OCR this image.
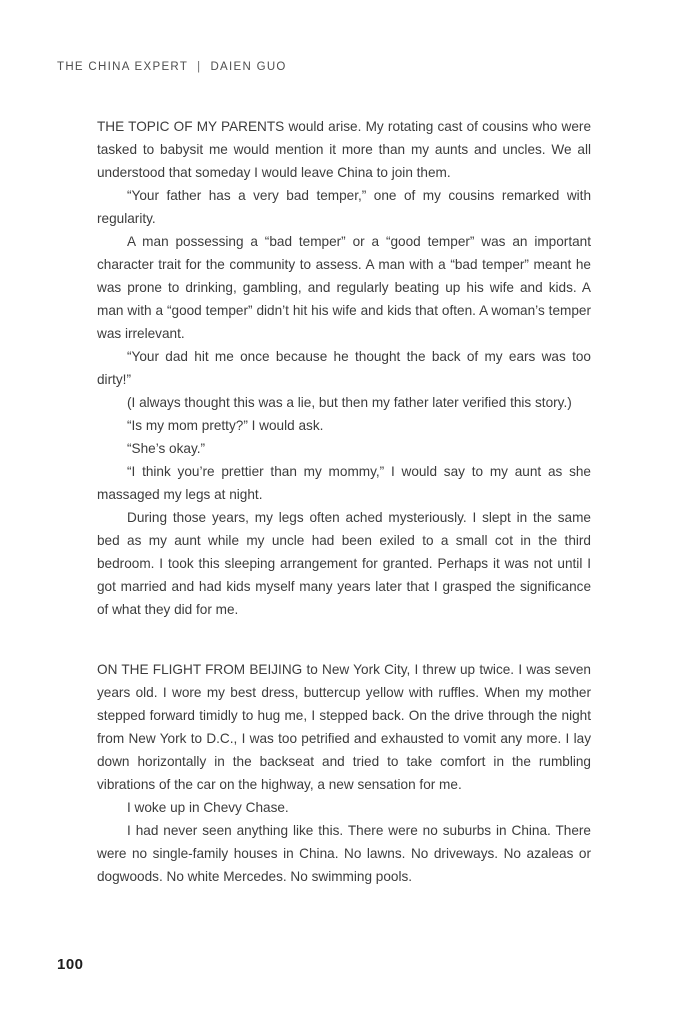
THE CHINA EXPERT | DAIEN GUO

THE TOPIC OF MY PARENTS would arise. My rotating cast of cousins who were tasked to babysit me would mention it more than my aunts and uncles. We all understood that someday I would leave China to join them.

“Your father has a very bad temper,” one of my cousins remarked with regularity.

A man possessing a “bad temper” or a “good temper” was an important character trait for the community to assess. A man with a “bad temper” meant he was prone to drinking, gambling, and regularly beating up his wife and kids. A man with a “good temper” didn’t hit his wife and kids that often. A woman’s temper was irrelevant.

“Your dad hit me once because he thought the back of my ears was too dirty!”

(I always thought this was a lie, but then my father later verified this story.)

“Is my mom pretty?” I would ask.

“She’s okay.”

“I think you’re prettier than my mommy,” I would say to my aunt as she massaged my legs at night.

During those years, my legs often ached mysteriously. I slept in the same bed as my aunt while my uncle had been exiled to a small cot in the third bedroom. I took this sleeping arrangement for granted. Perhaps it was not until I got married and had kids myself many years later that I grasped the significance of what they did for me.

ON THE FLIGHT FROM BEIJING to New York City, I threw up twice. I was seven years old. I wore my best dress, buttercup yellow with ruffles. When my mother stepped forward timidly to hug me, I stepped back. On the drive through the night from New York to D.C., I was too petrified and exhausted to vomit any more. I lay down horizontally in the backseat and tried to take comfort in the rumbling vibrations of the car on the highway, a new sensation for me.

I woke up in Chevy Chase.

I had never seen anything like this. There were no suburbs in China. There were no single-family houses in China. No lawns. No driveways. No azaleas or dogwoods. No white Mercedes. No swimming pools.

100
